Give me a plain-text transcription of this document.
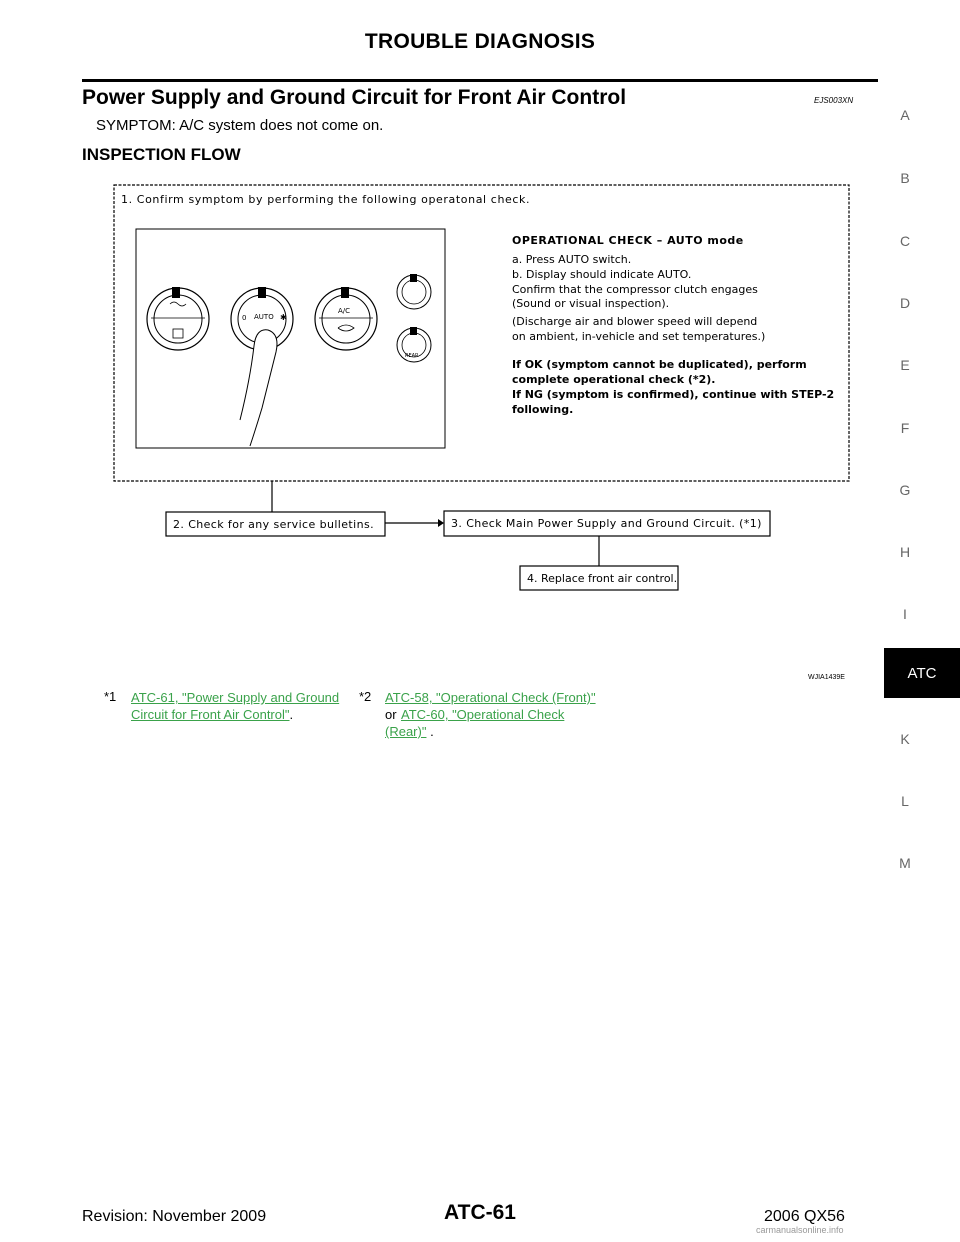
TROUBLE DIAGNOSIS
Power Supply and Ground Circuit for Front Air Control	EJS003XN
SYMPTOM: A/C system does not come on.
INSPECTION FLOW
A
B
C
D
E
F
G
H
I
ATC
K
L
M
1. Confirm symptom by performing the following operatonal check.
0 AUTO ✱
A/C
REAR
OPERATIONAL CHECK – AUTO mode
a. Press AUTO switch.
b. Display should indicate AUTO.
Confirm that the compressor clutch engages
(Sound or visual inspection).
(Discharge air and blower speed will depend
on ambient, in-vehicle and set temperatures.)
If OK (symptom cannot be duplicated), perform
complete operational check (*2).
If NG (symptom is confirmed), continue with STEP-2
following.
2. Check for any service bulletins.	3. Check Main Power Supply and Ground Circuit. (*1)
4. Replace front air control.
WJIA1439E
*1 ATC-61, "Power Supply and Ground
Circuit for Front Air Control".
*2 ATC-58, "Operational Check (Front)"
or ATC-60, "Operational Check
(Rear)" .
Revision: November 2009	ATC-61	2006 QX56
carmanualsonline.info
